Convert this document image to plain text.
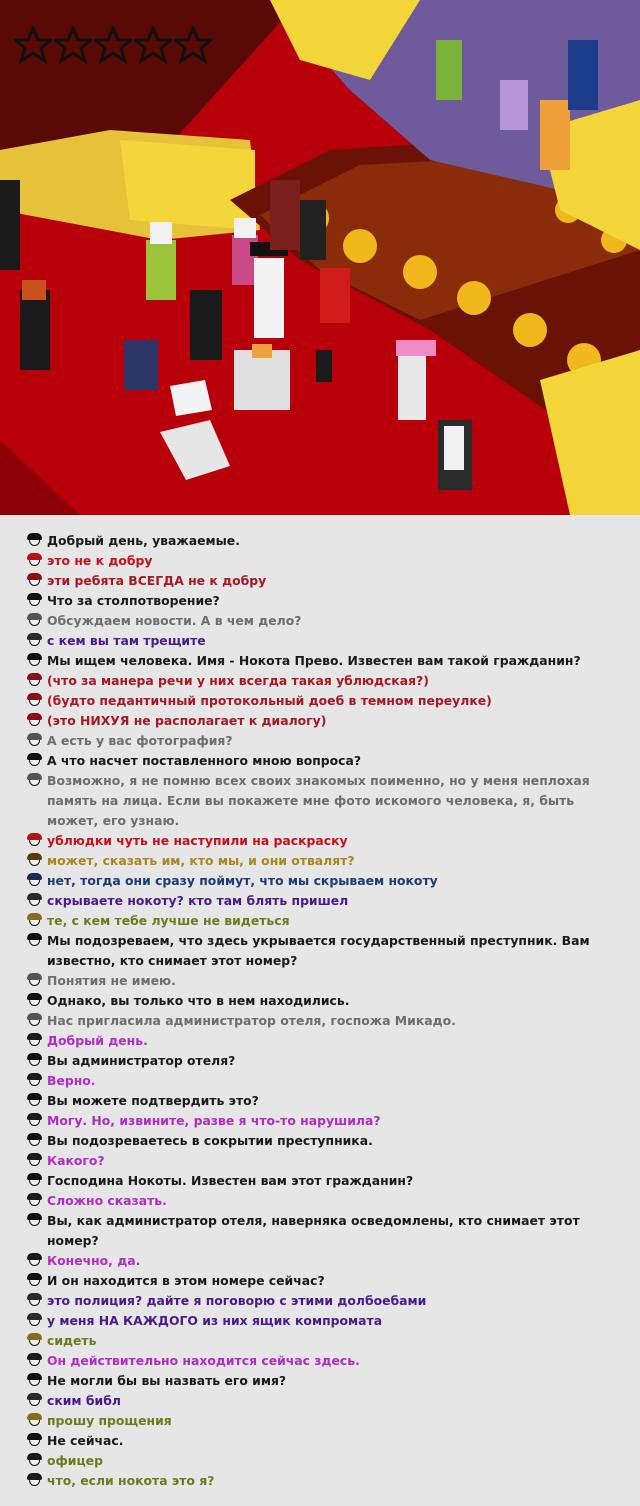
Добрый день, уважаемые.
это не к добру
эти ребята ВСЕГДА не к добру
Что за столпотворение?
Обсуждаем новости. А в чем дело?
с кем вы там трещите
Мы ищем человека. Имя - Нокота Прево. Известен вам такой гражданин?
(что за манера речи у них всегда такая ублюдская?)
(будто педантичный протокольный доеб в темном переулке)
(это НИХУЯ не располагает к диалогу)
А есть у вас фотография?
А что насчет поставленного мною вопроса?
Возможно, я не помню всех своих знакомых поименно, но у меня неплохая память на лица. Если вы покажете мне фото искомого человека, я, быть может, его узнаю.
ублюдки чуть не наступили на раскраску
может, сказать им, кто мы, и они отвалят?
нет, тогда они сразу поймут, что мы скрываем нокоту
скрываете нокоту? кто там блять пришел
те, с кем тебе лучше не видеться
Мы подозреваем, что здесь укрывается государственный преступник. Вам известно, кто снимает этот номер?
Понятия не имею.
Однако, вы только что в нем находились.
Нас пригласила администратор отеля, госпожа Микадо.
Добрый день.
Вы администратор отеля?
Верно.
Вы можете подтвердить это?
Могу. Но, извините, разве я что-то нарушила?
Вы подозреваетесь в сокрытии преступника.
Какого?
Господина Нокоты. Известен вам этот гражданин?
Сложно сказать.
Вы, как администратор отеля, наверняка осведомлены, кто снимает этот номер?
Конечно, да.
И он находится в этом номере сейчас?
это полиция? дайте я поговорю с этими долбоебами
у меня НА КАЖДОГО из них ящик компромата
сидеть
Он действительно находится сейчас здесь.
Не могли бы вы назвать его имя?
ским библ
прошу прощения
Не сейчас.
офицер
что, если нокота это я?
